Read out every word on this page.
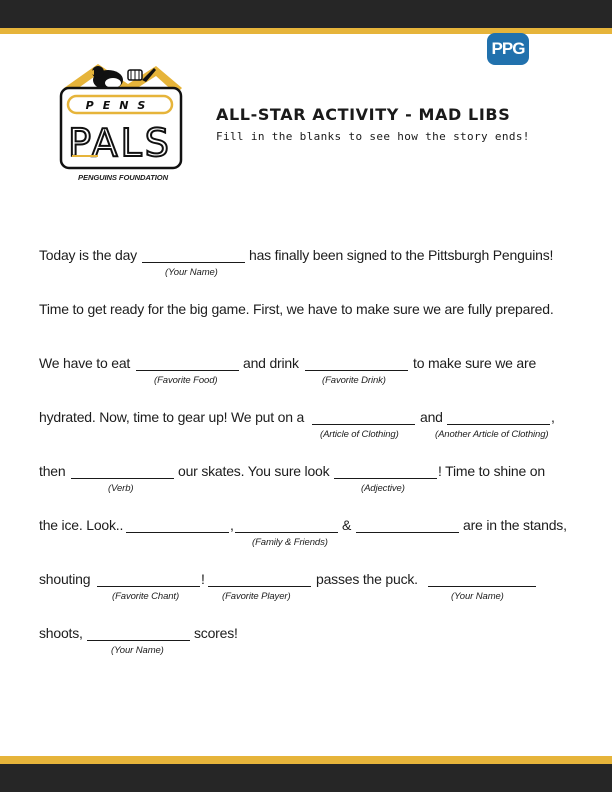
PPG
PENS
PALS
PENGUINS FOUNDATION
ALL-STAR ACTIVITY - MAD LIBS
Fill in the blanks to see how the story ends!
Today is the day	has finally been signed to the Pittsburgh Penguins!
(Your Name)
Time to get ready for the big game. First, we have to make sure we are fully prepared.
We have to eat	and drink	to make sure we are
(Favorite Food)	(Favorite Drink)
hydrated. Now, time to gear up! We put on a	and	,
(Article of Clothing)	(Another Article of Clothing)
then	our skates. You sure look	! Time to shine on
(Verb)	(Adjective)
the ice. Look..	,	&	are in the stands,
(Family & Friends)
shouting	!	passes the puck.
(Favorite Chant)	(Favorite Player)	(Your Name)
shoots,	scores!
(Your Name)
